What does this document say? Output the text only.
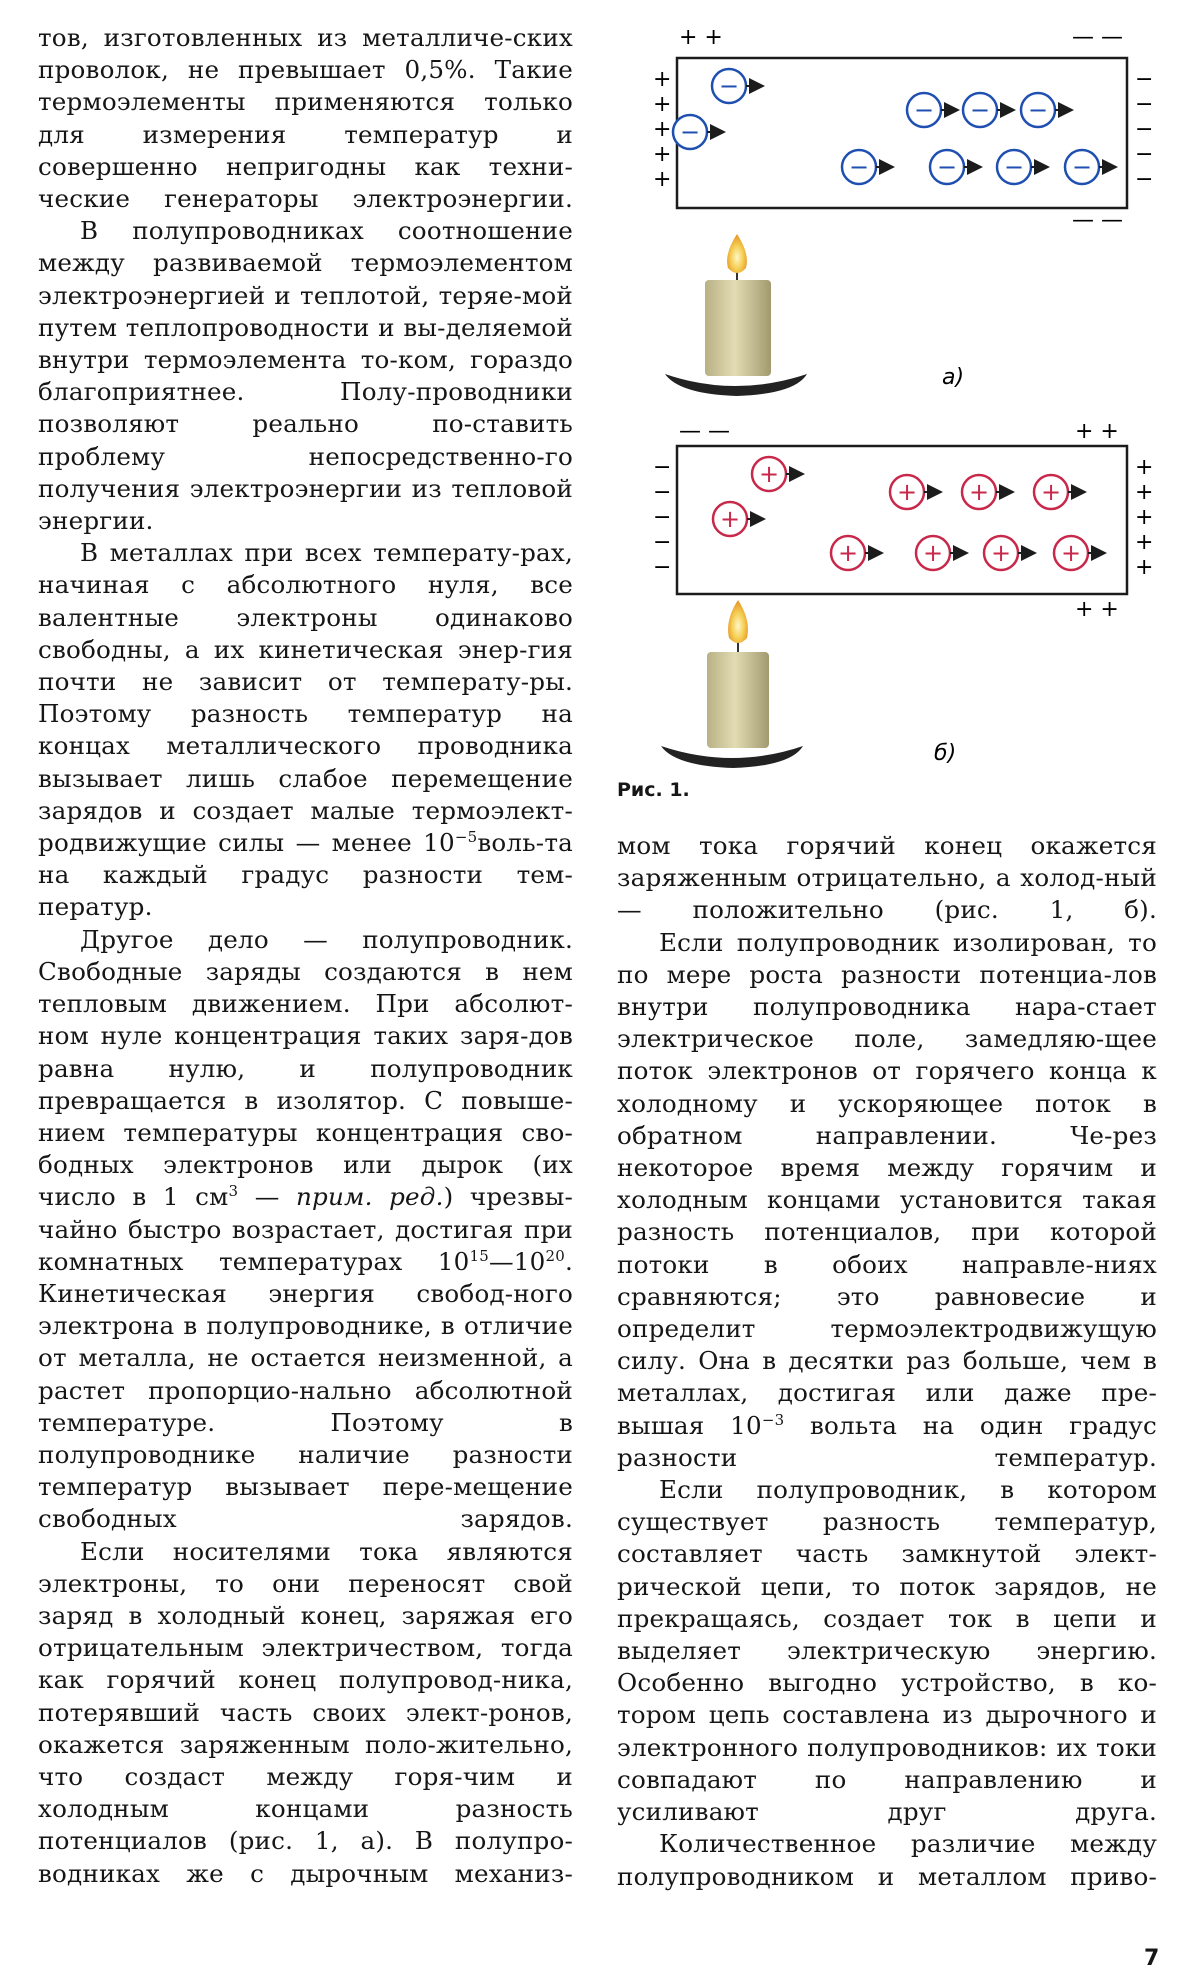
тов, изготовленных из металличе-ских проволок, не превышает 0,5%. Такие термоэлементы применяются только для измерения температур и совершенно непригодны как техни-ческие генераторы электроэнергии.

В полупроводниках соотношение между развиваемой термоэлементом электроэнергией и теплотой, теряе-мой путем теплопроводности и вы-деляемой внутри термоэлемента то-ком, гораздо благоприятнее. Полу-проводники позволяют реально по-ставить проблему непосредственно-го получения электроэнергии из тепловой энергии.

В металлах при всех температу-рах, начиная с абсолютного нуля, все валентные электроны одинаково свободны, а их кинетическая энер-гия почти не зависит от температу-ры. Поэтому разность температур на концах металлического проводника вызывает лишь слабое перемещение зарядов и создает малые термоэлект-родвижущие силы — менее $10^{-5}воль-та$ на каждый градус разности тем-ператур.

Другое дело — полупроводник. Свободные заряды создаются в нем тепловым движением. При абсолют-ном нуле концентрация таких заря-дов равна нулю, и полупроводник превращается в изолятор. С повыше-нием температуры концентрация сво-бодных электронов или дырок (их число в 1 $см^3$ — прим. ред.) чрезвы-чайно быстро возрастает, достигая при комнатных температурах $10^{15}—10^{20}$. Кинетическая энергия свобод-ного электрона в полупроводнике, в отличие от металла, не остается неизменной, а растет пропорцио-нально абсолютной температуре. Поэтому в полупроводнике наличие разности температур вызывает пере-мещение свободных зарядов.

Если носителями тока являются электроны, то они переносят свой заряд в холодный конец, заряжая его отрицательным электричеством, тогда как горячий конец полупровод-ника, потерявший часть своих элект-ронов, окажется заряженным поло-жительно, что создаст между горя-чим и холодным концами разность потенциалов (рис. 1, а). В полупро-водниках же с дырочным механиз-

+ +	— —
— —
+
+
+
+
+
−
−
−
−
−
−
−
− − −
−	− − −
а)
— —	+ +
+ +
−
−
−
−
−
+
+
+
+
+
+
+
+ + +
+	+ + +
б)
Рис. 1.

мом тока горячий конец окажется заряженным отрицательно, а холод-ный — положительно (рис. 1, б).

Если полупроводник изолирован, то по мере роста разности потенциа-лов внутри полупроводника нара-стает электрическое поле, замедляю-щее поток электронов от горячего конца к холодному и ускоряющее поток в обратном направлении. Че-рез некоторое время между горячим и холодным концами установится такая разность потенциалов, при которой потоки в обоих направле-ниях сравняются; это равновесие и определит термоэлектродвижущую силу. Она в десятки раз больше, чем в металлах, достигая или даже пре-вышая $10^{-3}$ вольта на один градус разности температур.

Если полупроводник, в котором существует разность температур, составляет часть замкнутой элект-рической цепи, то поток зарядов, не прекращаясь, создает ток в цепи и выделяет электрическую энергию. Особенно выгодно устройство, в ко-тором цепь составлена из дырочного и электронного полупроводников: их токи совпадают по направлению и усиливают друг друга.

Количественное различие между полупроводником и металлом приво-

7
